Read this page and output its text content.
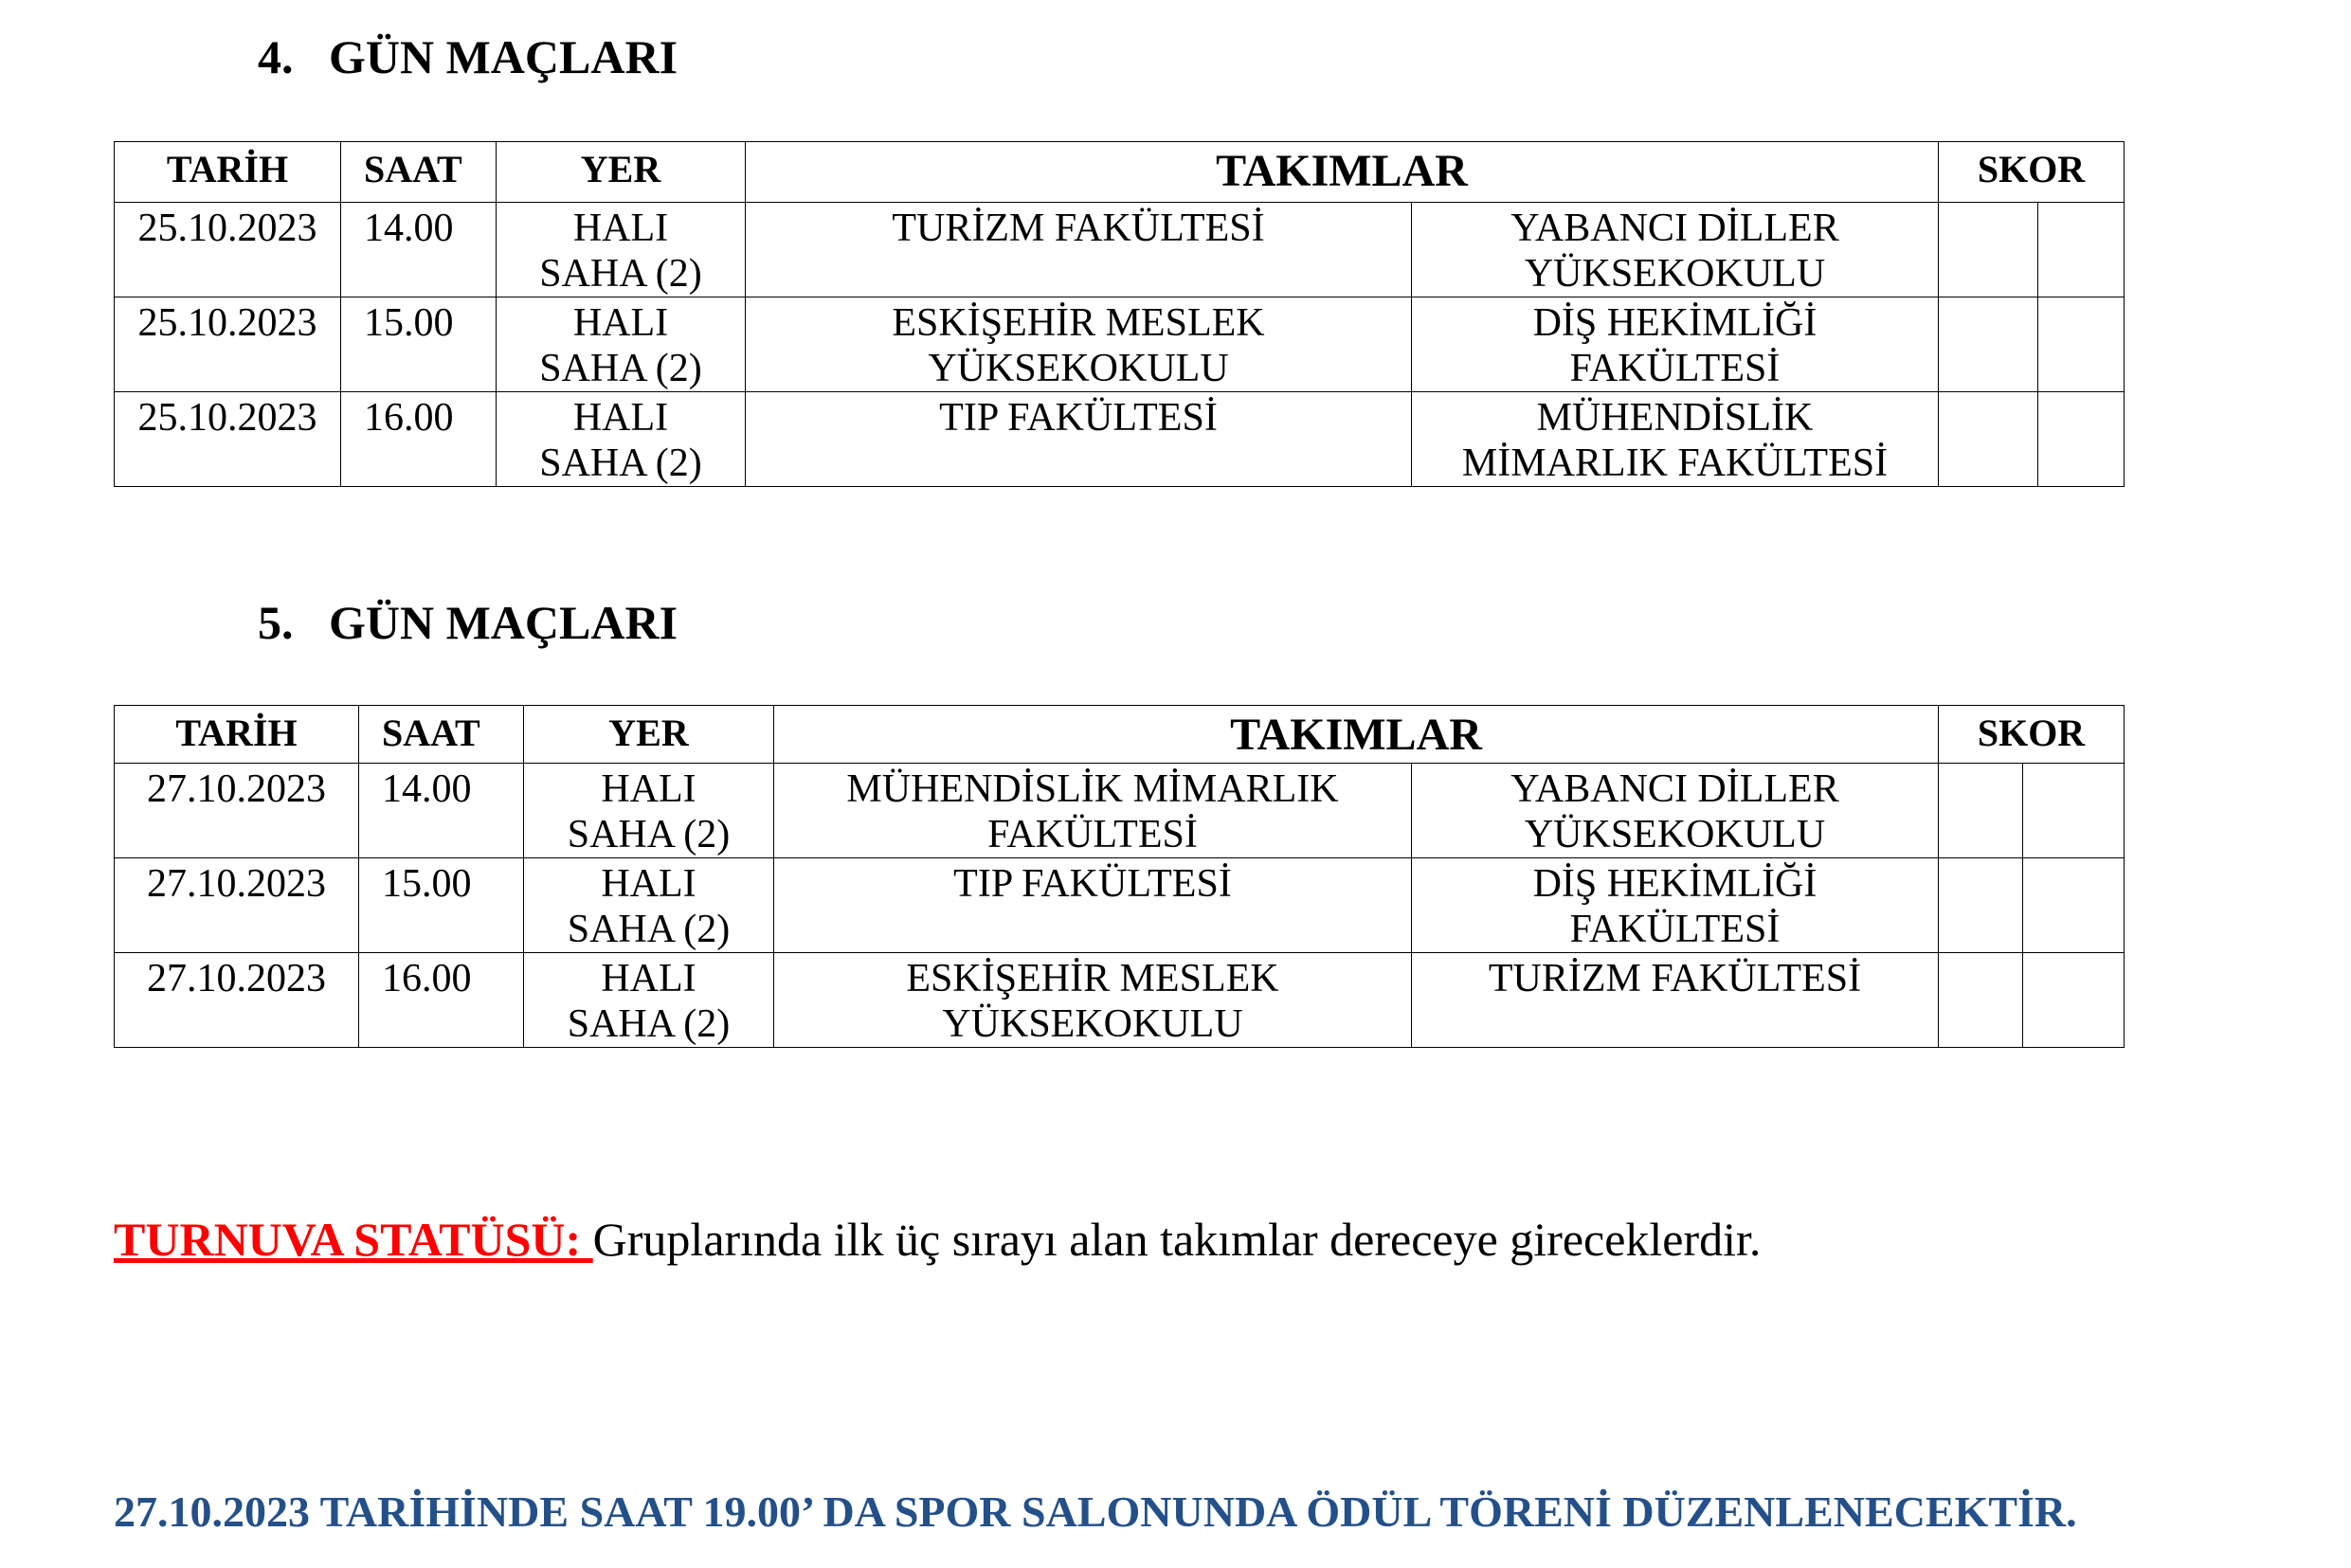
4. GÜN MAÇLARI
TARİH	SAAT	YER	TAKIMLAR		SKOR	
25.10.2023	14.00	HALI SAHA (2)	TURİZM FAKÜLTESİ	YABANCI DİLLER YÜKSEKOKULU		
25.10.2023	15.00	HALI SAHA (2)	ESKİŞEHİR MESLEK YÜKSEKOKULU	DİŞ HEKİMLİĞİ FAKÜLTESİ		
25.10.2023	16.00	HALI SAHA (2)	TIP FAKÜLTESİ	MÜHENDİSLİK MİMARLIK FAKÜLTESİ		
5. GÜN MAÇLARI
TARİH	SAAT	YER	TAKIMLAR		SKOR	
27.10.2023	14.00	HALI SAHA (2)	MÜHENDİSLİK MİMARLIK FAKÜLTESİ	YABANCI DİLLER YÜKSEKOKULU		
27.10.2023	15.00	HALI SAHA (2)	TIP FAKÜLTESİ	DİŞ HEKİMLİĞİ FAKÜLTESİ		
27.10.2023	16.00	HALI SAHA (2)	ESKİŞEHİR MESLEK YÜKSEKOKULU	TURİZM FAKÜLTESİ		
TURNUVA STATÜSÜ: Gruplarında ilk üç sırayı alan takımlar dereceye gireceklerdir.
27.10.2023 TARİHİNDE SAAT 19.00’ DA SPOR SALONUNDA ÖDÜL TÖRENİ DÜZENLENECEKTİR.
